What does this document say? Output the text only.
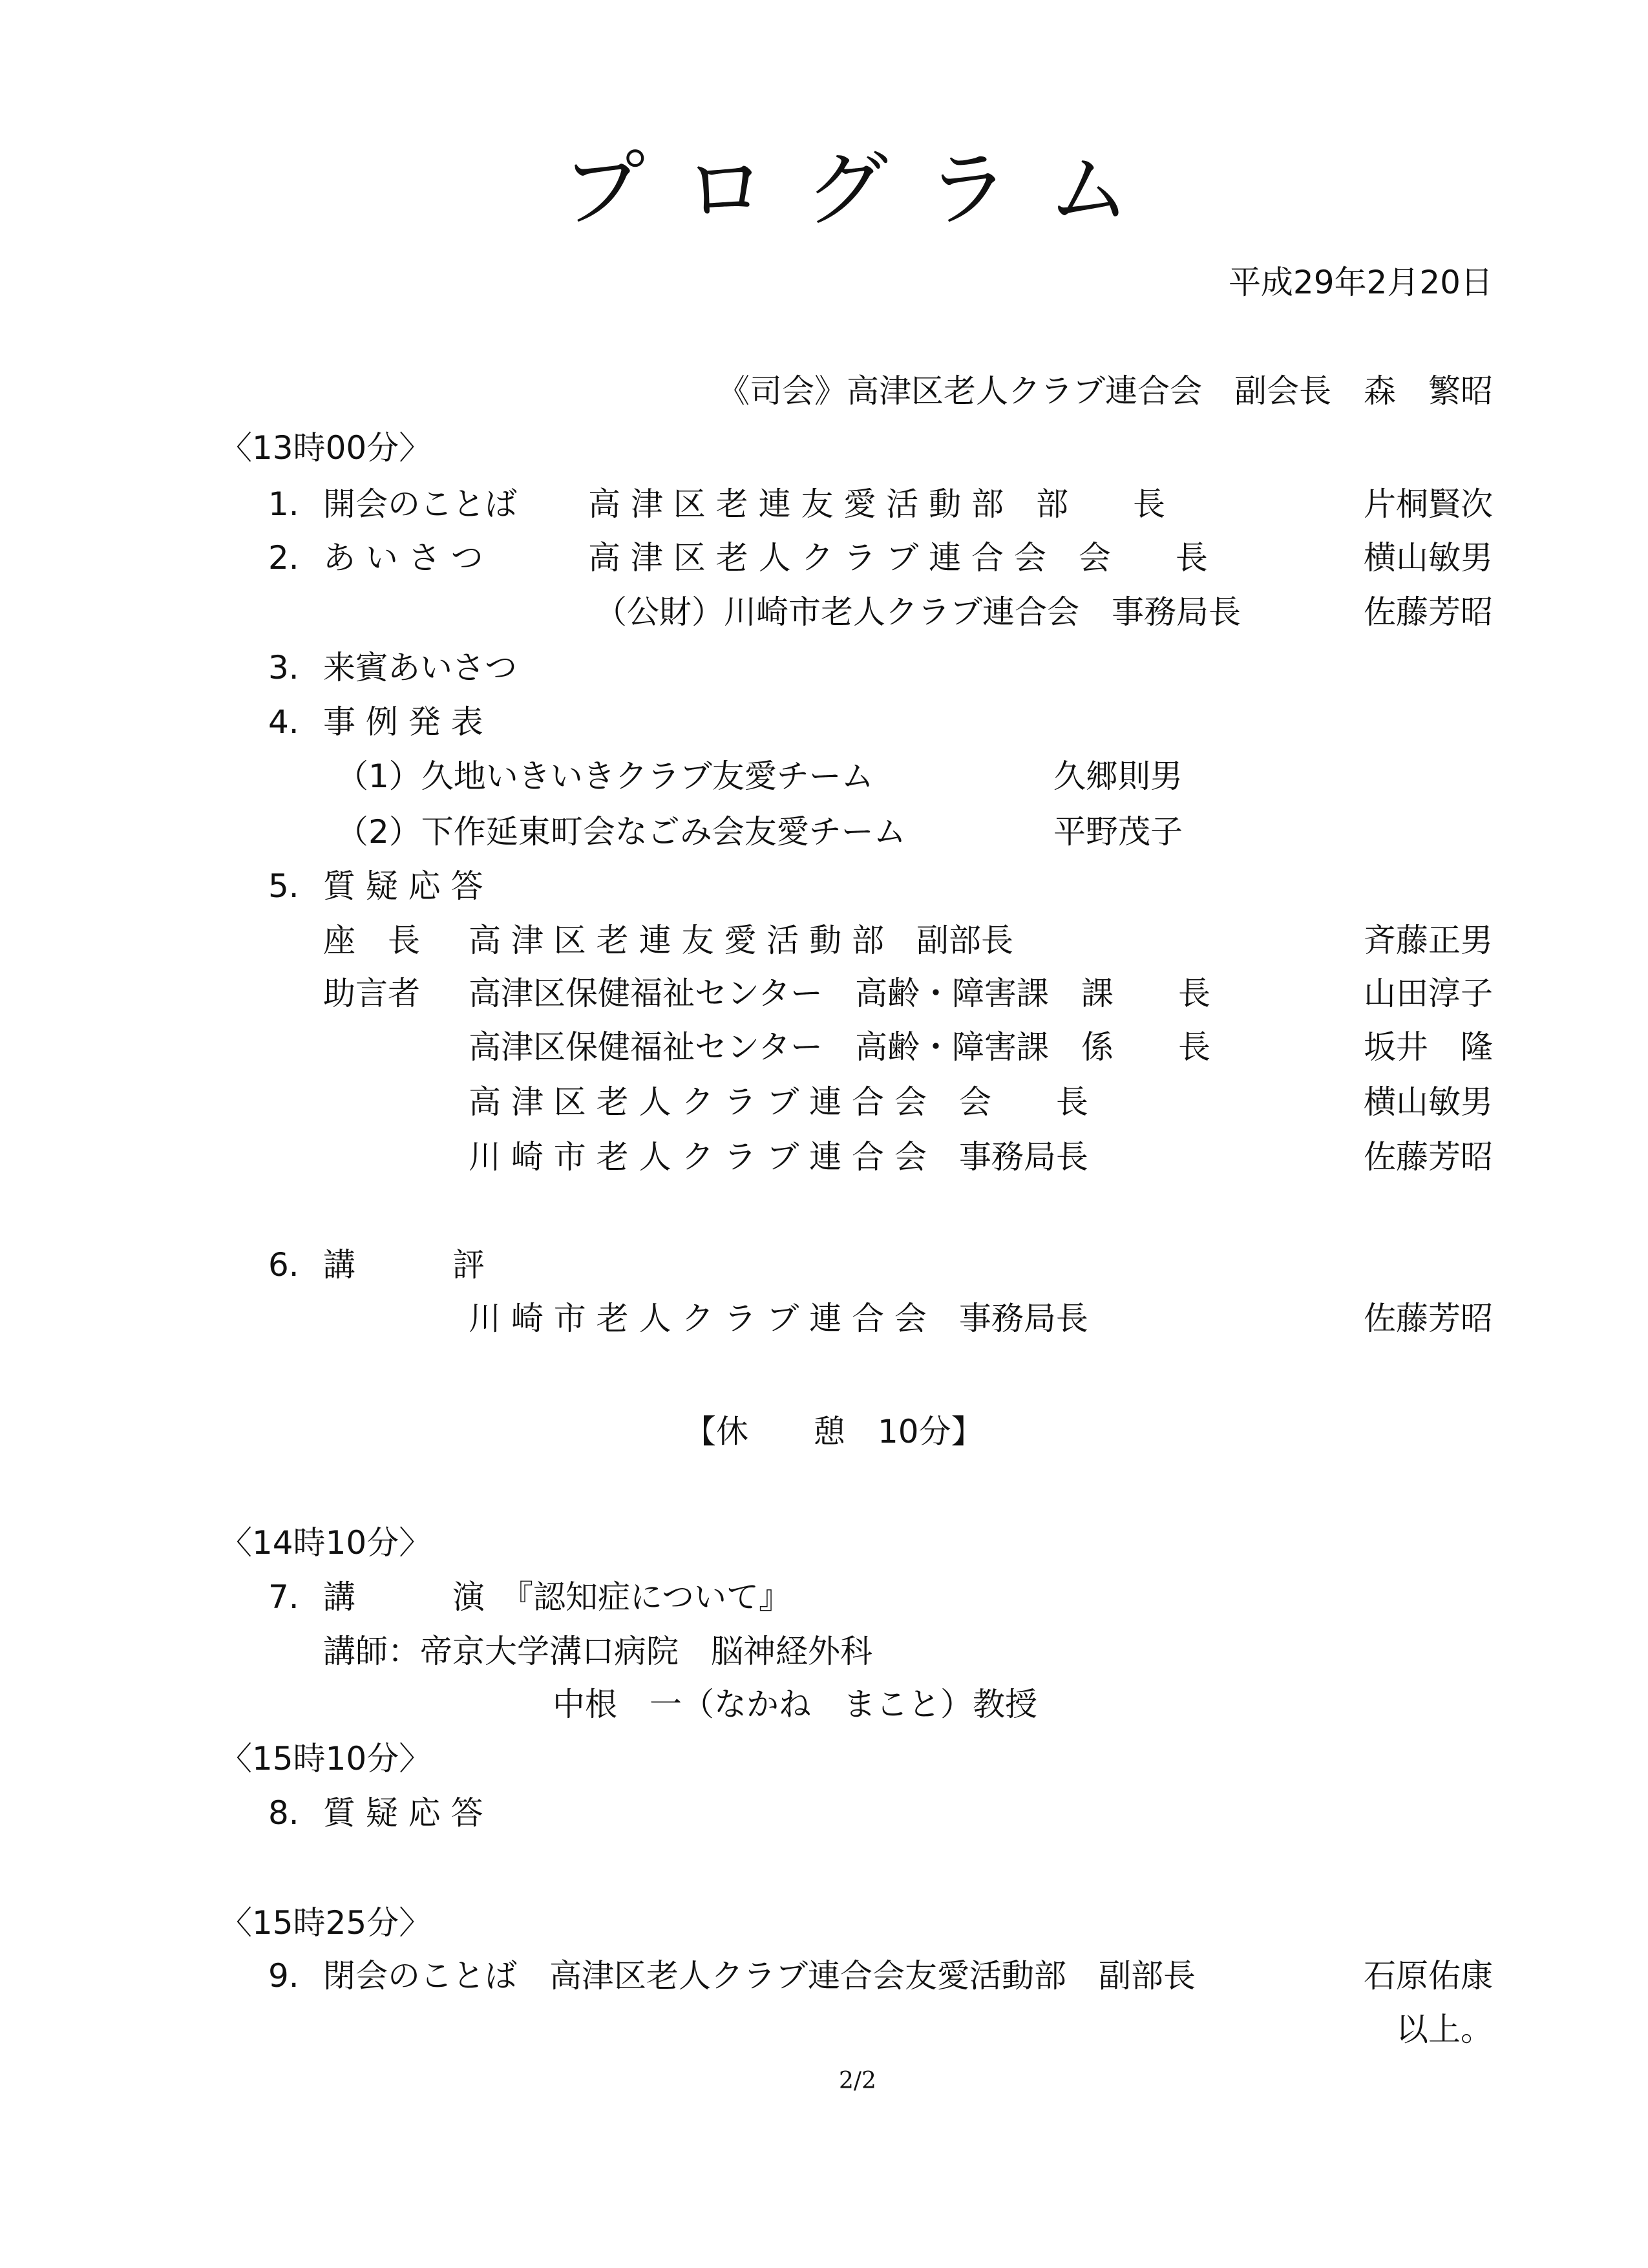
プログラム
平成29年2月20日
《司会》高津区老人クラブ連合会　副会長　森　繁昭
〈13時00分〉
1. 開会のことば 高 津 区 老 連 友 愛 活 動 部　部　　長	片桐賢次
2. あ い さ つ	高 津 区 老 人 ク ラ ブ 連 合 会　会　　長	横山敏男
（公財）川崎市老人クラブ連合会　事務局長	佐藤芳昭
3. 来賓あいさつ
4. 事 例 発 表
（1）久地いきいきクラブ友愛チーム	久郷則男
（2）下作延東町会なごみ会友愛チーム	平野茂子
5. 質 疑 応 答
座　長 高 津 区 老 連 友 愛 活 動 部　副部長	斉藤正男
助言者 高津区保健福祉センター　高齢・障害課　課　　長	山田淳子
高津区保健福祉センター　高齢・障害課　係　　長	坂井　隆
高 津 区 老 人 ク ラ ブ 連 合 会　会　　長	横山敏男
川 崎 市 老 人 ク ラ ブ 連 合 会　事務局長	佐藤芳昭
6. 講　　　評
川 崎 市 老 人 ク ラ ブ 連 合 会　事務局長	佐藤芳昭
【休　　憩　10分】
〈14時10分〉
7. 講　　　演　『認知症について』
講師：帝京大学溝口病院　脳神経外科
中根　一（なかね　まこと）教授
〈15時10分〉
8. 質 疑 応 答
〈15時25分〉
9. 閉会のことば　高津区老人クラブ連合会友愛活動部　副部長	石原佑康
以上。
2/2
